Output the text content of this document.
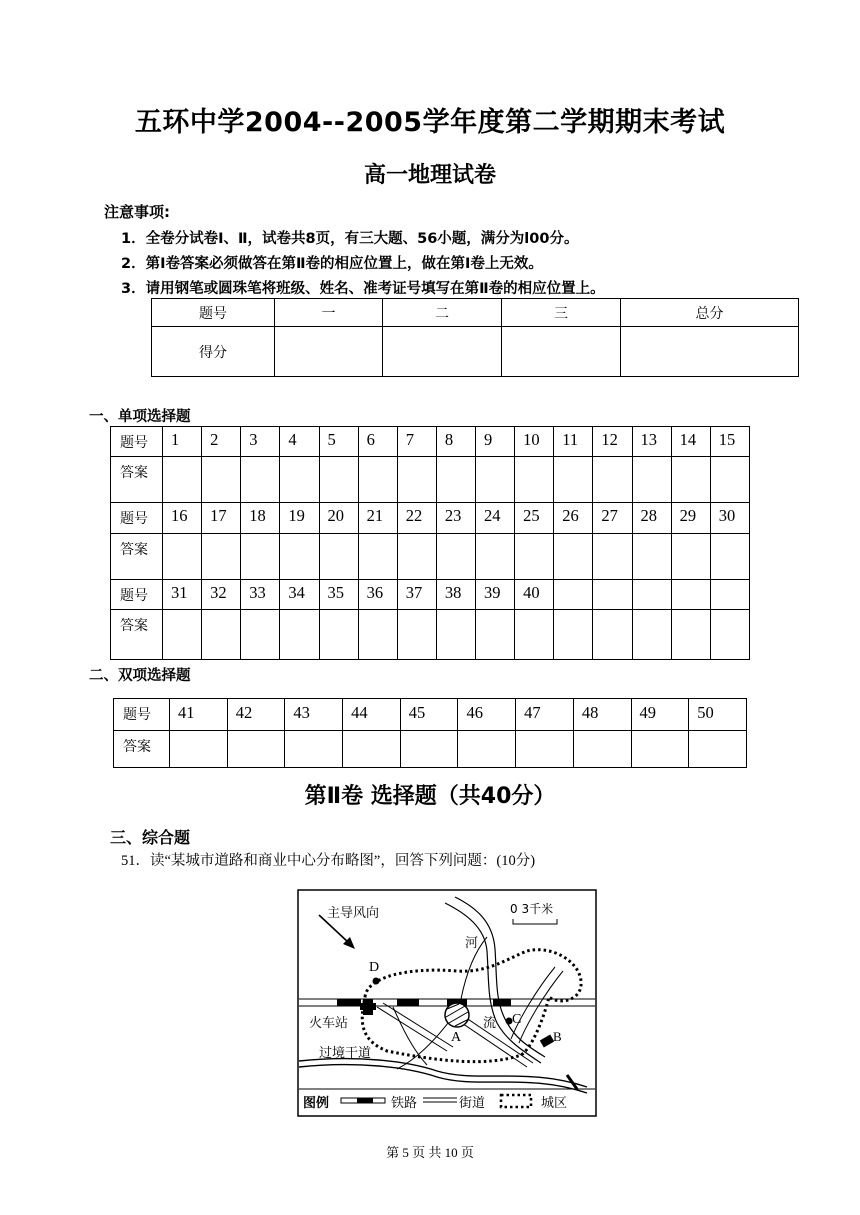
五环中学2004--2005学年度第二学期期末考试
高一地理试卷
注意事项:
1．全卷分试卷Ⅰ、Ⅱ，试卷共8页，有三大题、56小题，满分为l00分。
2．第Ⅰ卷答案必须做答在第Ⅱ卷的相应位置上，做在第Ⅰ卷上无效。
3．请用钢笔或圆珠笔将班级、姓名、准考证号填写在第Ⅱ卷的相应位置上。
题号	一	二	三	总分
得分				
一、单项选择题
题号	1	2	3	4	5	6	7	8	9	10	11	12	13	14	15
答案															
题号	16	17	18	19	20	21	22	23	24	25	26	27	28	29	30
答案															
题号	31	32	33	34	35	36	37	38	39	40					
答案															
二、双项选择题
题号	41	42	43	44	45	46	47	48	49	50
答案										
第Ⅱ卷 选择题（共40分）
三、综合题
51．读“某城市道路和商业中心分布略图”，回答下列问题：(10分)
主导风向	0 3千米
河
流
火车站
过境干道
A
D
C
B
图例	铁路	街道	城区
第 5 页 共 10 页
